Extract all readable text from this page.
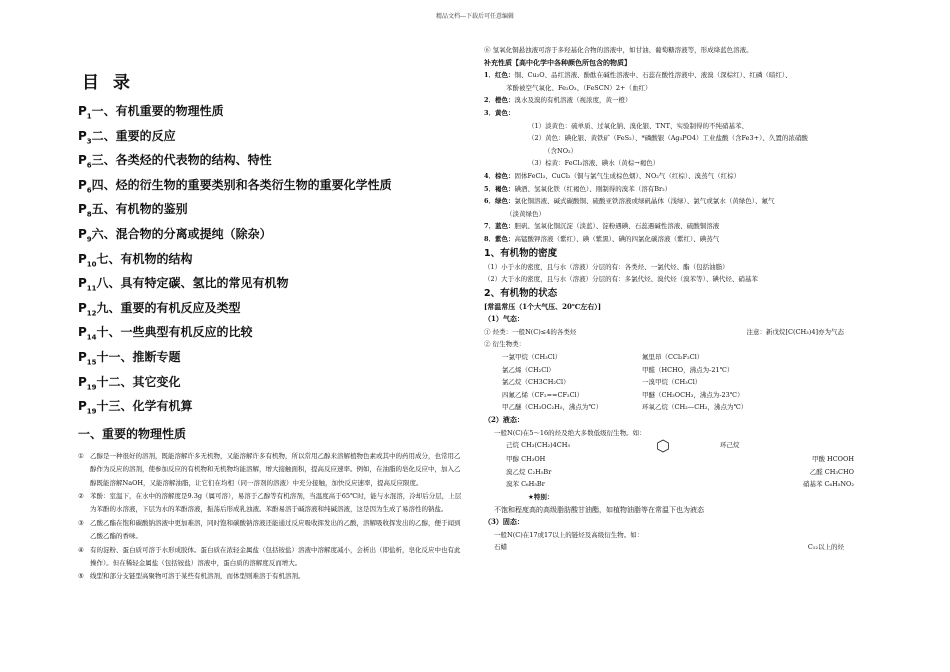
精品文档---下载后可任意编辑
目 录
$P_1$一、有机重要的物理性质
$P_3$二、重要的反应
$P_6$三、各类烃的代表物的结构、特性
$P_6$四、烃的衍生物的重要类别和各类衍生物的重要化学性质
$P_8$五、有机物的鉴别
$P_9$六、混合物的分离或提纯（除杂）
$P_{10}$七、有机物的结构
$P_{11}$八、具有特定碳、氢比的常见有机物
$P_{12}$九、重要的有机反应及类型
$P_{14}$十、一些典型有机反应的比较
$P_{15}$十一、推断专题
$P_{19}$十二、其它变化
$P_{19}$十三、化学有机算
一、重要的物理性质
① 乙醇是一种很好的溶剂，既能溶解许多无机物，又能溶解许多有机物，所以常用乙醇来溶解植物色素或其中的药用成分，也常用乙醇作为反应的溶剂，使参加反应的有机物和无机物均能溶解，增大接触面积，提高反应速率。例如，在油脂的皂化反应中，加入乙醇既能溶解NaOH，又能溶解油脂，让它们在均相（同一溶剂的溶液）中充分接触，加快反应速率，提高反应限度。
② 苯酚：室温下，在水中的溶解度是9.3g（属可溶），易溶于乙醇等有机溶剂，当温度高于65℃时，能与水混溶，冷却后分层，上层为苯酚的水溶液，下层为水的苯酚溶液，振荡后形成乳浊液。苯酚易溶于碱溶液和纯碱溶液，这是因为生成了易溶性的钠盐。
③ 乙酸乙酯在饱和碳酸钠溶液中更加难溶，同时饱和碳酸钠溶液还能通过反应吸收挥发出的乙酸，溶解吸收挥发出的乙醇，便于闻到乙酸乙酯的香味。
④ 有的淀粉、蛋白质可溶于水形成胶体。蛋白质在浓轻金属盐（包括铵盐）溶液中溶解度减小，会析出（即盐析，皂化反应中也有此操作）。但在稀轻金属盐（包括铵盐）溶液中，蛋白质的溶解度反而增大。
⑤ 线型和部分支链型高聚物可溶于某些有机溶剂，而体型则难溶于有机溶剂。
⑥ 氢氧化铜悬浊液可溶于多羟基化合物的溶液中，如甘油、葡萄糖溶液等，形成绛蓝色溶液。
补充性质【高中化学中各种颜色所包含的物质】
1．红色：铜、Cu₂O、品红溶液、酚酞在碱性溶液中、石蕊在酸性溶液中、液溴（深棕红）、红磷（暗红）、
苯酚被空气氧化、Fe₂O₃、（FeSCN）2+（血红）
2．橙色：溴水及溴的有机溶液（视浓度，黄一橙）
3．黄色：
（1）淡黄色：硫单质、过氧化钠、溴化银、TNT、实验制得的不纯硝基苯、
（2）黄色：碘化银、黄铁矿（FeS₂）、*磷酸银（Ag₃PO4）工业盐酸（含Fe3+）、久置的浓硝酸
（含NO₂）
（3）棕黄：FeCl₃溶液、碘水（黄棕→褐色）
4．棕色：固体FeCl₃、CuCl₂（铜与氯气生成棕色烟）、NO₂气（红棕）、溴蒸气（红棕）
5．褐色：碘酒、氢氧化铁（红褐色）、刚制得的溴苯（溶有Br₂）
6．绿色：氯化铜溶液、碱式碳酸铜、硫酸亚铁溶液或绿矾晶体（浅绿）、氯气或氯水（黄绿色）、氟气
（淡黄绿色）
7．蓝色：胆矾、氢氧化铜沉淀（淡蓝）、淀粉遇碘、石蕊遇碱性溶液、硫酸铜溶液
8．紫色：高锰酸钾溶液（紫红）、碘（紫黑）、碘的四氯化碳溶液（紫红）、碘蒸气
1、有机物的密度
（1）小于水的密度，且与水（溶液）分层的有：各类烃、一氯代烃、酯（包括油脂）
（2）大于水的密度，且与水（溶液）分层的有：多氯代烃、溴代烃（溴苯等）、碘代烃、硝基苯
2、有机物的状态
[常温常压（1个大气压、20℃左右）]
（1）气态：
① 烃类：一般N(C)≤4的各类烃	注意：新戊烷[C(CH₃)4]亦为气态
② 衍生物类：
一氯甲烷（CH₃Cl）	氟里昂（CCl₂F₂Cl）
氯乙烯（CH₂Cl）	甲醛（HCHO，沸点为-21℃）
氯乙烷（CH3CH₂Cl）	一溴甲烷（CH₃Cl）
四氟乙烯（CF₂==CF₂Cl）	甲醚（CH₃OCH₃，沸点为-23℃）
甲乙醚（CH₃OC₂H₅，沸点为℃）	环氧乙烷（CH₂—CH₂，沸点为℃）
（2）液态：
一般N(C)在5～16的烃及绝大多数低级衍生物。如：
己烷 CH₃(CH₂)4CH₃	环己烷
甲醇 CH₃OH	甲酸 HCOOH
溴乙烷 C₂H₅Br	乙醛 CH₃CHO
溴苯 C₆H₅Br	硝基苯 C₆H₅NO₂
★特别：
不饱和程度高的高级脂肪酸甘油酯，如植物油脂等在常温下也为液态
（3）固态：
一般N(C)在17或17以上的链烃及高级衍生物。如：
石蜡	C₁₂以上的烃
